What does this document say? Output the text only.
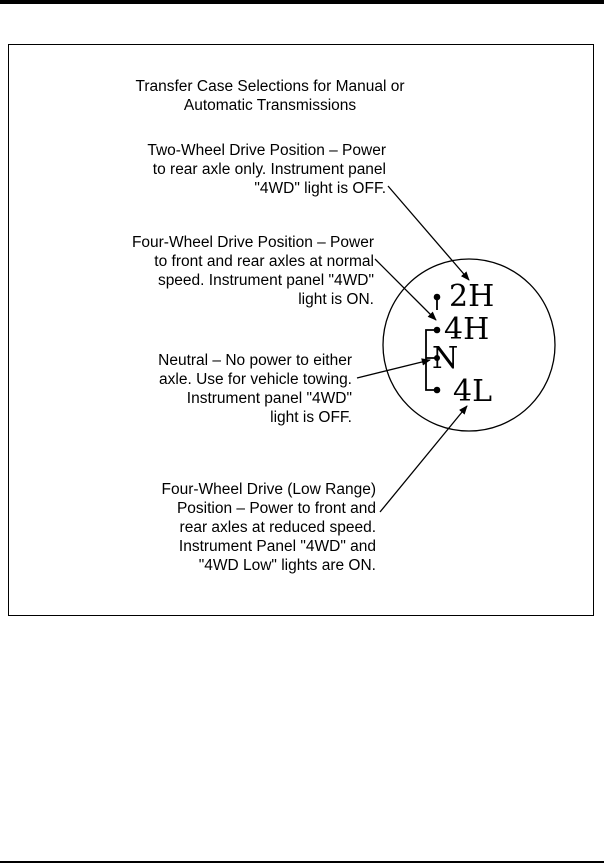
Transfer Case Selections for Manual or
Automatic Transmissions
Two-Wheel Drive Position – Power
to rear axle only. Instrument panel
"4WD" light is OFF.
Four-Wheel Drive Position – Power
to front and rear axles at normal
speed. Instrument panel "4WD"
light is ON.
Neutral – No power to either
axle. Use for vehicle towing.
Instrument panel "4WD"
light is OFF.
Four-Wheel Drive (Low Range)
Position – Power to front and
rear axles at reduced speed.
Instrument Panel "4WD" and
"4WD Low" lights are ON.
2H
4H
N
4L
